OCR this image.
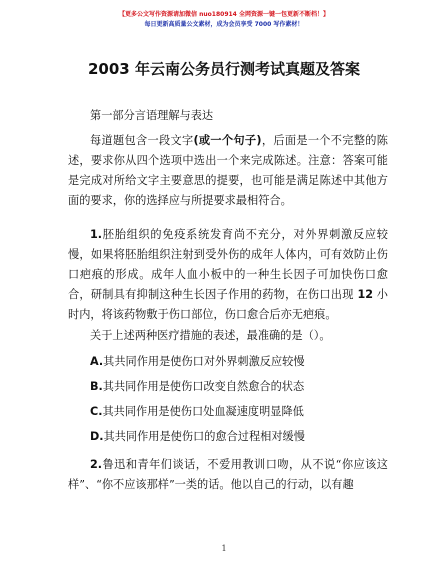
【更多公文写作资源请加微信 nuo180914 全网资源一键一包更新不断档！】
每日更新高质量公文素材，成为会员享受 7000 写作素材！
2003 年云南公务员行测考试真题及答案
第一部分言语理解与表达

每道题包含一段文字(或一个句子)，后面是一个不完整的陈述，要求你从四个选项中选出一个来完成陈述。注意：答案可能是完成对所给文字主要意思的提要，也可能是满足陈述中其他方面的要求，你的选择应与所提要求最相符合。

1.胚胎组织的免疫系统发育尚不充分，对外界刺激反应较慢，如果将胚胎组织注射到受外伤的成年人体内，可有效防止伤口疤痕的形成。成年人血小板中的一种生长因子可加快伤口愈合，研制具有抑制这种生长因子作用的药物，在伤口出现 12 小时内，将该药物敷于伤口部位，伤口愈合后亦无疤痕。

关于上述两种医疗措施的表述，最准确的是（）。
A.其共同作用是使伤口对外界刺激反应较慢
B.其共同作用是使伤口改变自然愈合的状态
C.其共同作用是使伤口处血凝速度明显降低
D.其共同作用是使伤口的愈合过程相对缓慢

2.鲁迅和青年们谈话，不爱用教训口吻，从不说“你应该这样”、“你不应该那样”一类的话。他以自己的行动，以有趣

1
